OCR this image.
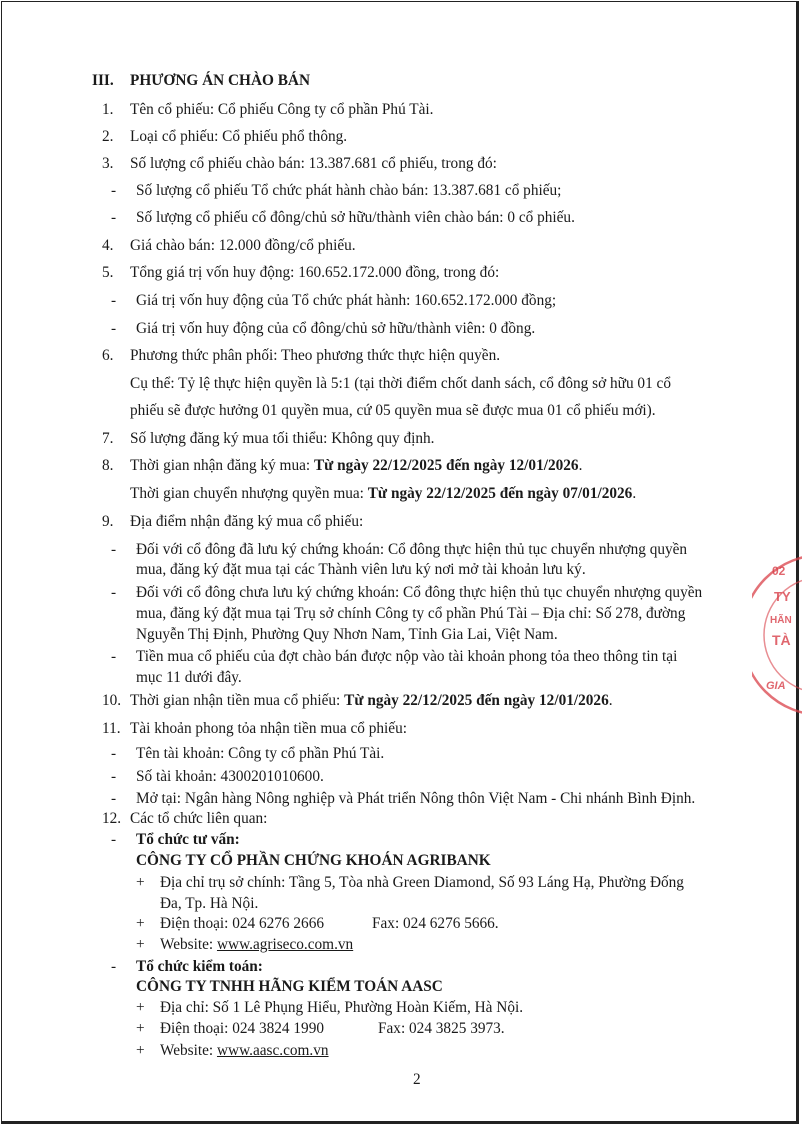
III. PHƯƠNG ÁN CHÀO BÁN
1. Tên cổ phiếu: Cổ phiếu Công ty cổ phần Phú Tài.
2. Loại cổ phiếu: Cổ phiếu phổ thông.
3. Số lượng cổ phiếu chào bán: 13.387.681 cổ phiếu, trong đó:
- Số lượng cổ phiếu Tổ chức phát hành chào bán: 13.387.681 cổ phiếu;
- Số lượng cổ phiếu cổ đông/chủ sở hữu/thành viên chào bán: 0 cổ phiếu.
4. Giá chào bán: 12.000 đồng/cổ phiếu.
5. Tổng giá trị vốn huy động: 160.652.172.000 đồng, trong đó:
- Giá trị vốn huy động của Tổ chức phát hành: 160.652.172.000 đồng;
- Giá trị vốn huy động của cổ đông/chủ sở hữu/thành viên: 0 đồng.
6. Phương thức phân phối: Theo phương thức thực hiện quyền.
Cụ thể: Tỷ lệ thực hiện quyền là 5:1 (tại thời điểm chốt danh sách, cổ đông sở hữu 01 cổ
phiếu sẽ được hưởng 01 quyền mua, cứ 05 quyền mua sẽ được mua 01 cổ phiếu mới).
7. Số lượng đăng ký mua tối thiểu: Không quy định.
8. Thời gian nhận đăng ký mua: Từ ngày 22/12/2025 đến ngày 12/01/2026.
Thời gian chuyển nhượng quyền mua: Từ ngày 22/12/2025 đến ngày 07/01/2026.
9. Địa điểm nhận đăng ký mua cổ phiếu:
- Đối với cổ đông đã lưu ký chứng khoán: Cổ đông thực hiện thủ tục chuyển nhượng quyền
mua, đăng ký đặt mua tại các Thành viên lưu ký nơi mở tài khoản lưu ký.
- Đối với cổ đông chưa lưu ký chứng khoán: Cổ đông thực hiện thủ tục chuyển nhượng quyền
mua, đăng ký đặt mua tại Trụ sở chính Công ty cổ phần Phú Tài – Địa chỉ: Số 278, đường
Nguyễn Thị Định, Phường Quy Nhơn Nam, Tỉnh Gia Lai, Việt Nam.
- Tiền mua cổ phiếu của đợt chào bán được nộp vào tài khoản phong tỏa theo thông tin tại
mục 11 dưới đây.
10. Thời gian nhận tiền mua cổ phiếu: Từ ngày 22/12/2025 đến ngày 12/01/2026.
11. Tài khoản phong tỏa nhận tiền mua cổ phiếu:
- Tên tài khoản: Công ty cổ phần Phú Tài.
- Số tài khoản: 4300201010600.
- Mở tại: Ngân hàng Nông nghiệp và Phát triển Nông thôn Việt Nam - Chi nhánh Bình Định.
12. Các tổ chức liên quan:
- Tổ chức tư vấn:
CÔNG TY CỔ PHẦN CHỨNG KHOÁN AGRIBANK
+ Địa chỉ trụ sở chính: Tầng 5, Tòa nhà Green Diamond, Số 93 Láng Hạ, Phường Đống
Đa, Tp. Hà Nội.
+ Điện thoại: 024 6276 2666	Fax: 024 6276 5666.
+ Website: www.agriseco.com.vn
- Tổ chức kiểm toán:
CÔNG TY TNHH HÃNG KIỂM TOÁN AASC
+ Địa chỉ: Số 1 Lê Phụng Hiểu, Phường Hoàn Kiếm, Hà Nội.
+ Điện thoại: 024 3824 1990	Fax: 024 3825 3973.
+ Website: www.aasc.com.vn
2
02
TY
HÃN
TÀ
GIA
